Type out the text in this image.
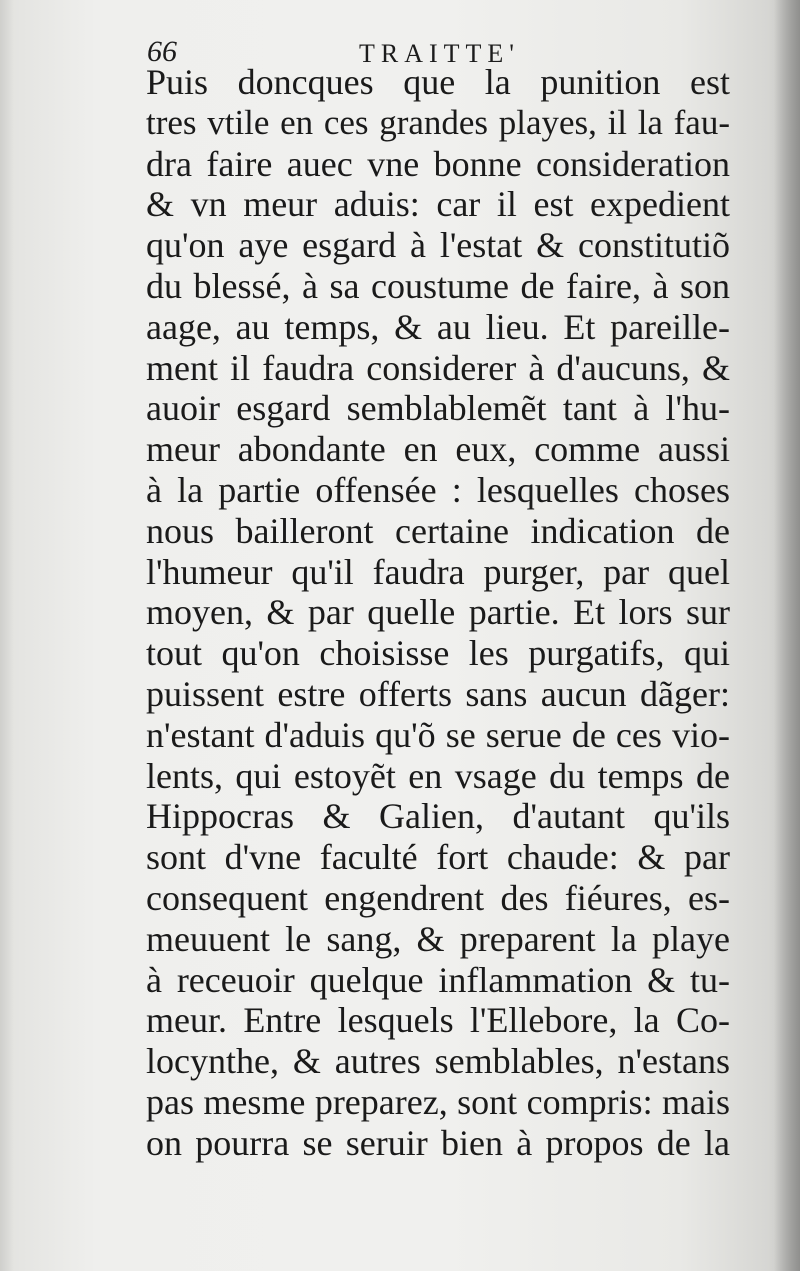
66	TRAITTE'
Puis doncques que la punition est
tres vtile en ces grandes playes, il la fau-
dra faire auec vne bonne consideration
& vn meur aduis: car il est expedient
qu'on aye esgard à l'estat & constitutiõ
du blessé, à sa coustume de faire, à son
aage, au temps, & au lieu. Et pareille-
ment il faudra considerer à d'aucuns, &
auoir esgard semblablemẽt tant à l'hu-
meur abondante en eux, comme aussi
à la partie offensée : lesquelles choses
nous bailleront certaine indication de
l'humeur qu'il faudra purger, par quel
moyen, & par quelle partie. Et lors sur
tout qu'on choisisse les purgatifs, qui
puissent estre offerts sans aucun dãger:
n'estant d'aduis qu'õ se serue de ces vio-
lents, qui estoyẽt en vsage du temps de
Hippocras & Galien, d'autant qu'ils
sont d'vne faculté fort chaude: & par
consequent engendrent des fiéures, es-
meuuent le sang, & preparent la playe
à receuoir quelque inflammation & tu-
meur. Entre lesquels l'Ellebore, la Co-
locynthe, & autres semblables, n'estans
pas mesme preparez, sont compris: mais
on pourra se seruir bien à propos de la
